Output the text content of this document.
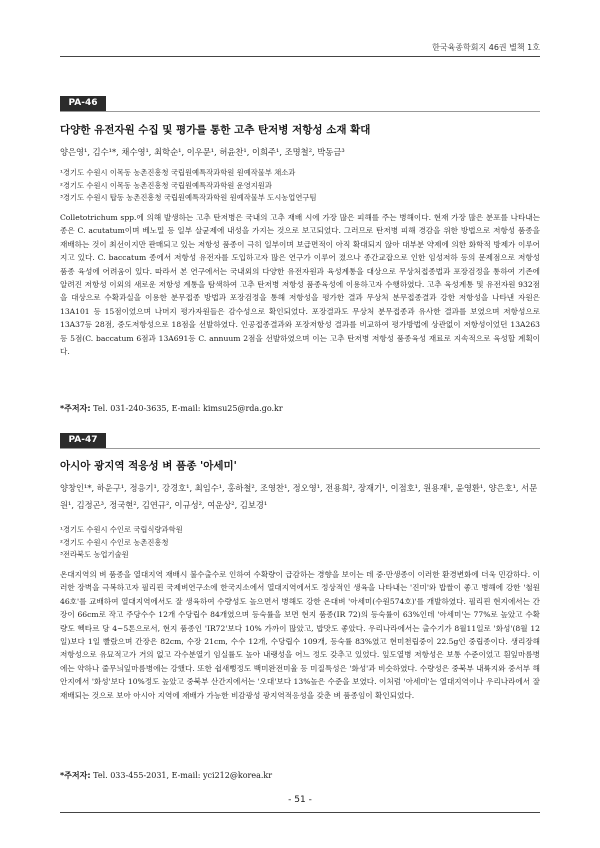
한국육종학회지 46권 별책 1호
PA-46
다양한 유전자원 수집 및 평가를 통한 고추 탄저병 저항성 소재 확대
양은영¹, 김수¹*, 채수영¹, 최학순¹, 이우문¹, 허윤찬¹, 이희주¹, 조명철², 박동금³
¹경기도 수원시 이목동 농촌진흥청 국립원예특작과학원 원예작물부 채소과
²경기도 수원시 이목동 농촌진흥청 국립원예특작과학원 운영지원과
³경기도 수원시 탑동 농촌진흥청 국립원예특작과학원 원예작물부 도시농업연구팀

Colletotrichum spp.에 의해 발생하는 고추 탄저병은 국내의 고추 재배 시에 가장 많은 피해를 주는 병해이다. 현재 가장 많은 분포를 나타내는 종은 C. acutatum이며 베노밀 등 일부 살균제에 내성을 가지는 것으로 보고되었다. 그러므로 탄저병 피해 경감을 위한 방법으로 저항성 품종을 재배하는 것이 최선이지만 판매되고 있는 저항성 품종이 극히 일부이며 보급면적이 아직 확대되지 않아 대부분 약제에 의한 화학적 방제가 이루어지고 있다. C. baccatum 종에서 저항성 유전자를 도입하고자 많은 연구가 이루어 졌으나 종간교잡으로 인한 임성저하 등의 문제점으로 저항성 품종 육성에 어려움이 있다. 따라서 본 연구에서는 국내외의 다양한 유전자원과 육성계통을 대상으로 무상처접종법과 포장검정을 통하여 기존에 알려진 저항성 이외의 새로운 저항성 계통을 탐색하여 고추 탄저병 저항성 품종육성에 이용하고자 수행하였다. 고추 육성계통 및 유전자원 932점을 대상으로 수확과실을 이용한 분무접종 방법과 포장검정을 통해 저항성을 평가한 결과 무상처 분무접종결과 강한 저항성을 나타낸 자원은 13A101 등 15점이었으며 나머지 평가자원들은 감수성으로 확인되었다. 포장결과도 무상처 분무접종과 유사한 결과를 보였으며 저항성으로 13A37등 28점, 중도저항성으로 18점을 선발하였다. 인공접종결과와 포장저항성 결과를 비교하여 평가방법에 상관없이 저항성이었던 13A263등 5점(C. baccatum 6점과 13A691등 C. annuum 2점을 선발하였으며 이는 고추 탄저병 저항성 품종육성 재료로 지속적으로 육성할 계획이다.

*주저자: Tel. 031-240-3635, E-mail: kimsu25@rda.go.kr
PA-47
아시아 광지역 적응성 벼 품종 '아세미'
양창인¹*, 하운구¹, 정응기¹, 강경호¹, 최임수¹, 홍하철², 조영찬¹, 정오영¹, 전용희², 장재기¹, 이점호¹, 원용재¹, 윤영환¹, 양은호¹, 서문원¹, 김정곤³, 정국현², 김연규², 이규성², 여운상², 김보경¹
¹경기도 수원시 수인로 국립식량과학원
²경기도 수원시 수인로 농촌진흥청
³전라북도 농업기술원

온대지역의 벼 품종을 열대지역 재배시 불수출수로 인하여 수확량이 급감하는 경향을 보이는 데 중·만생종이 이러한 환경변화에 더욱 민감하다. 이러한 장벽을 극복하고자 필리핀 국제벼연구소에 한국지소에서 열대지역에서도 정상적인 생육을 나타내는 '진미'와 밥쌀이 좋고 병해에 강한 '철원46호'를 교배하여 열대지역에서도 잘 생육하여 수량성도 높으면서 병해도 강한 온대벼 '아세미(수원574호)'를 개발하였다. 필리핀 현지에서는 간장이 66cm로 작고 주당수수 12개 수당립수 84개였으며 등숙률을 보면 현지 품종(IR 72)의 등숙률이 63%인데 '아세미'는 77%로 높았고 수확량도 헥타르 당 4~5톤으로서, 현지 품종인 'IR72'보다 10% 가까이 많았고, 밥맛도 좋았다. 우리나라에서는 출수기가 8월11일로 '화성'(8월 12일)보다 1일 빨랐으며 간장은 82cm, 수장 21cm, 수수 12개, 수당립수 109개, 등숙률 83%였고 현미천립중이 22.5g인 중립종이다. 생리장해 저항성으로 유묘적고가 거의 없고 각수분열기 임실률도 높아 내랭성을 어느 정도 갖추고 있었다. 잎도열병 저항성은 보통 수준이었고 흰잎마름병에는 약하나 줄무늬잎마름병에는 강했다. 또한 쉽새뻥정도 백미완전미율 등 미질특성은 '화성'과 비슷하였다. 수량성은 중북부 내륙지와 중서부 해안지에서 '화성'보다 10%정도 높았고 중북부 산간지에서는 '오대'보다 13%높은 수준을 보였다. 이처럼 '아세미'는 열대지역이나 우리나라에서 잘 재배되는 것으로 보아 아시아 지역에 재배가 가능한 비감광성 광지역적응성을 갖춘 벼 품종임이 확인되었다.

*주저자: Tel. 033-455-2031, E-mail: yci212@korea.kr
- 51 -
